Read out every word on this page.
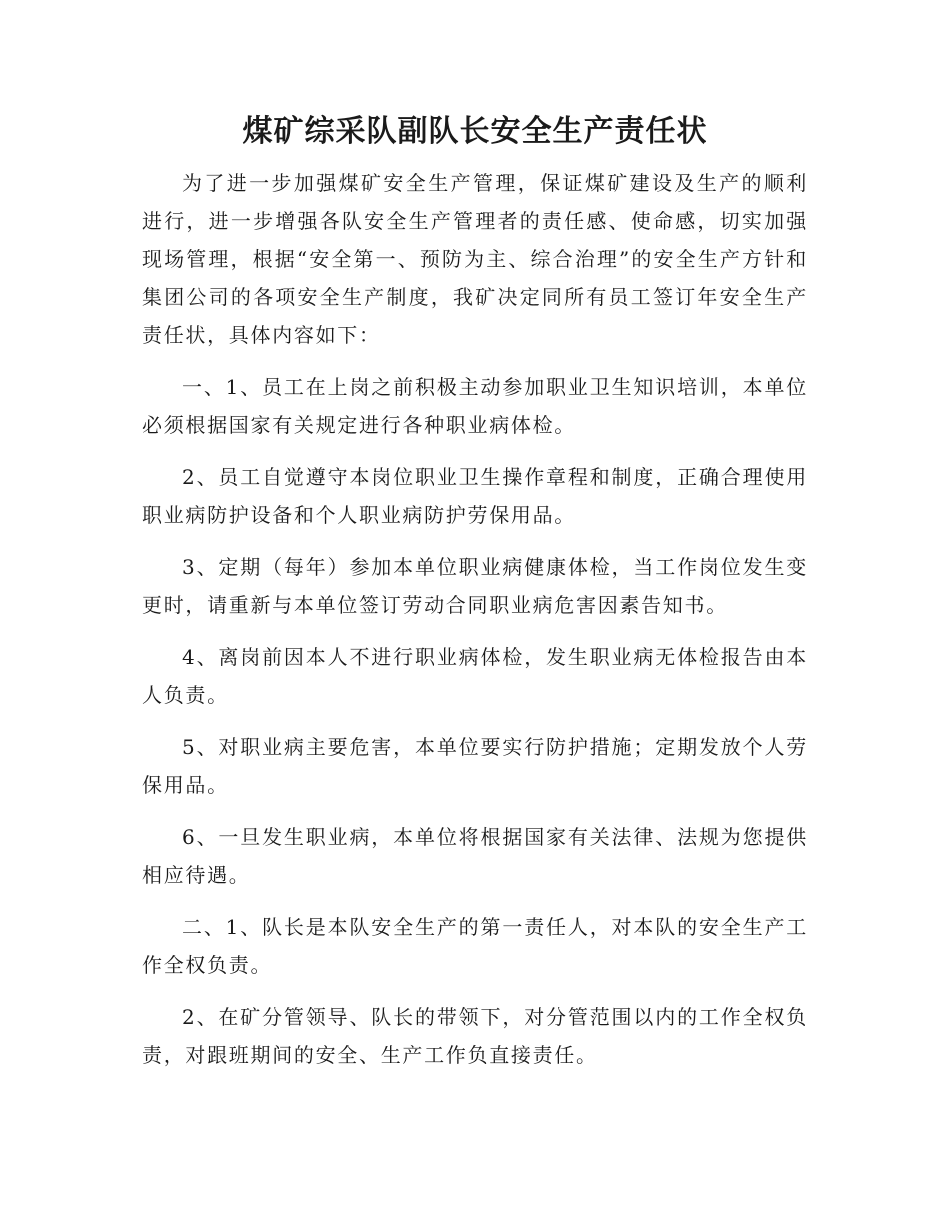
煤矿综采队副队长安全生产责任状

为了进一步加强煤矿安全生产管理，保证煤矿建设及生产的顺利进行，进一步增强各队安全生产管理者的责任感、使命感，切实加强现场管理，根据“安全第一、预防为主、综合治理”的安全生产方针和集团公司的各项安全生产制度，我矿决定同所有员工签订年安全生产责任状，具体内容如下：

一、1、员工在上岗之前积极主动参加职业卫生知识培训，本单位必须根据国家有关规定进行各种职业病体检。

2、员工自觉遵守本岗位职业卫生操作章程和制度，正确合理使用职业病防护设备和个人职业病防护劳保用品。

3、定期（每年）参加本单位职业病健康体检，当工作岗位发生变更时，请重新与本单位签订劳动合同职业病危害因素告知书。

4、离岗前因本人不进行职业病体检，发生职业病无体检报告由本人负责。

5、对职业病主要危害，本单位要实行防护措施；定期发放个人劳保用品。

6、一旦发生职业病，本单位将根据国家有关法律、法规为您提供相应待遇。

二、1、队长是本队安全生产的第一责任人，对本队的安全生产工作全权负责。

2、在矿分管领导、队长的带领下，对分管范围以内的工作全权负责，对跟班期间的安全、生产工作负直接责任。
